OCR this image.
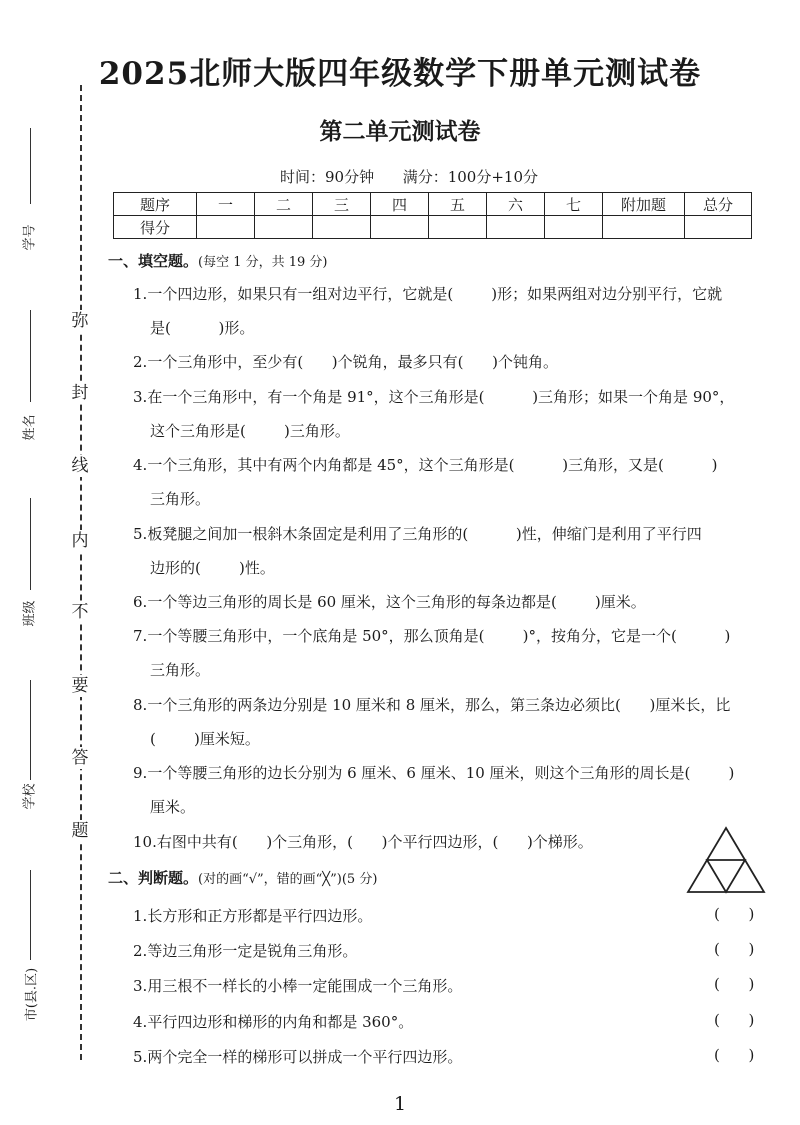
弥
封
线
内
不
要
答
题
学号
姓名
班级
学校
市(县.区)
2025北师大版四年级数学下册单元测试卷
第二单元测试卷
时间：90分钟      满分：100分+10分
题序	一	二	三	四	五	六	七	附加题	总分
得分									
一、填空题。(每空 1 分，共 19 分)
1.一个四边形，如果只有一组对边平行，它就是(        )形；如果两组对边分别平行，它就
是(          )形。
2.一个三角形中，至少有(      )个锐角，最多只有(      )个钝角。
3.在一个三角形中，有一个角是 91°，这个三角形是(          )三角形；如果一个角是 90°，
这个三角形是(        )三角形。
4.一个三角形，其中有两个内角都是 45°，这个三角形是(          )三角形，又是(          )
三角形。
5.板凳腿之间加一根斜木条固定是利用了三角形的(          )性，伸缩门是利用了平行四
边形的(        )性。
6.一个等边三角形的周长是 60 厘米，这个三角形的每条边都是(        )厘米。
7.一个等腰三角形中，一个底角是 50°，那么顶角是(        )°，按角分，它是一个(          )
三角形。
8.一个三角形的两条边分别是 10 厘米和 8 厘米，那么，第三条边必须比(      )厘米长，比
(        )厘米短。
9.一个等腰三角形的边长分别为 6 厘米、6 厘米、10 厘米，则这个三角形的周长是(        )
厘米。
10.右图中共有(      )个三角形，(      )个平行四边形，(      )个梯形。
二、判断题。(对的画“√”，错的画“╳”)(5 分)
1.长方形和正方形都是平行四边形。	(      )
2.等边三角形一定是锐角三角形。	(      )
3.用三根不一样长的小棒一定能围成一个三角形。	(      )
4.平行四边形和梯形的内角和都是 360°。	(      )
5.两个完全一样的梯形可以拼成一个平行四边形。	(      )
1
